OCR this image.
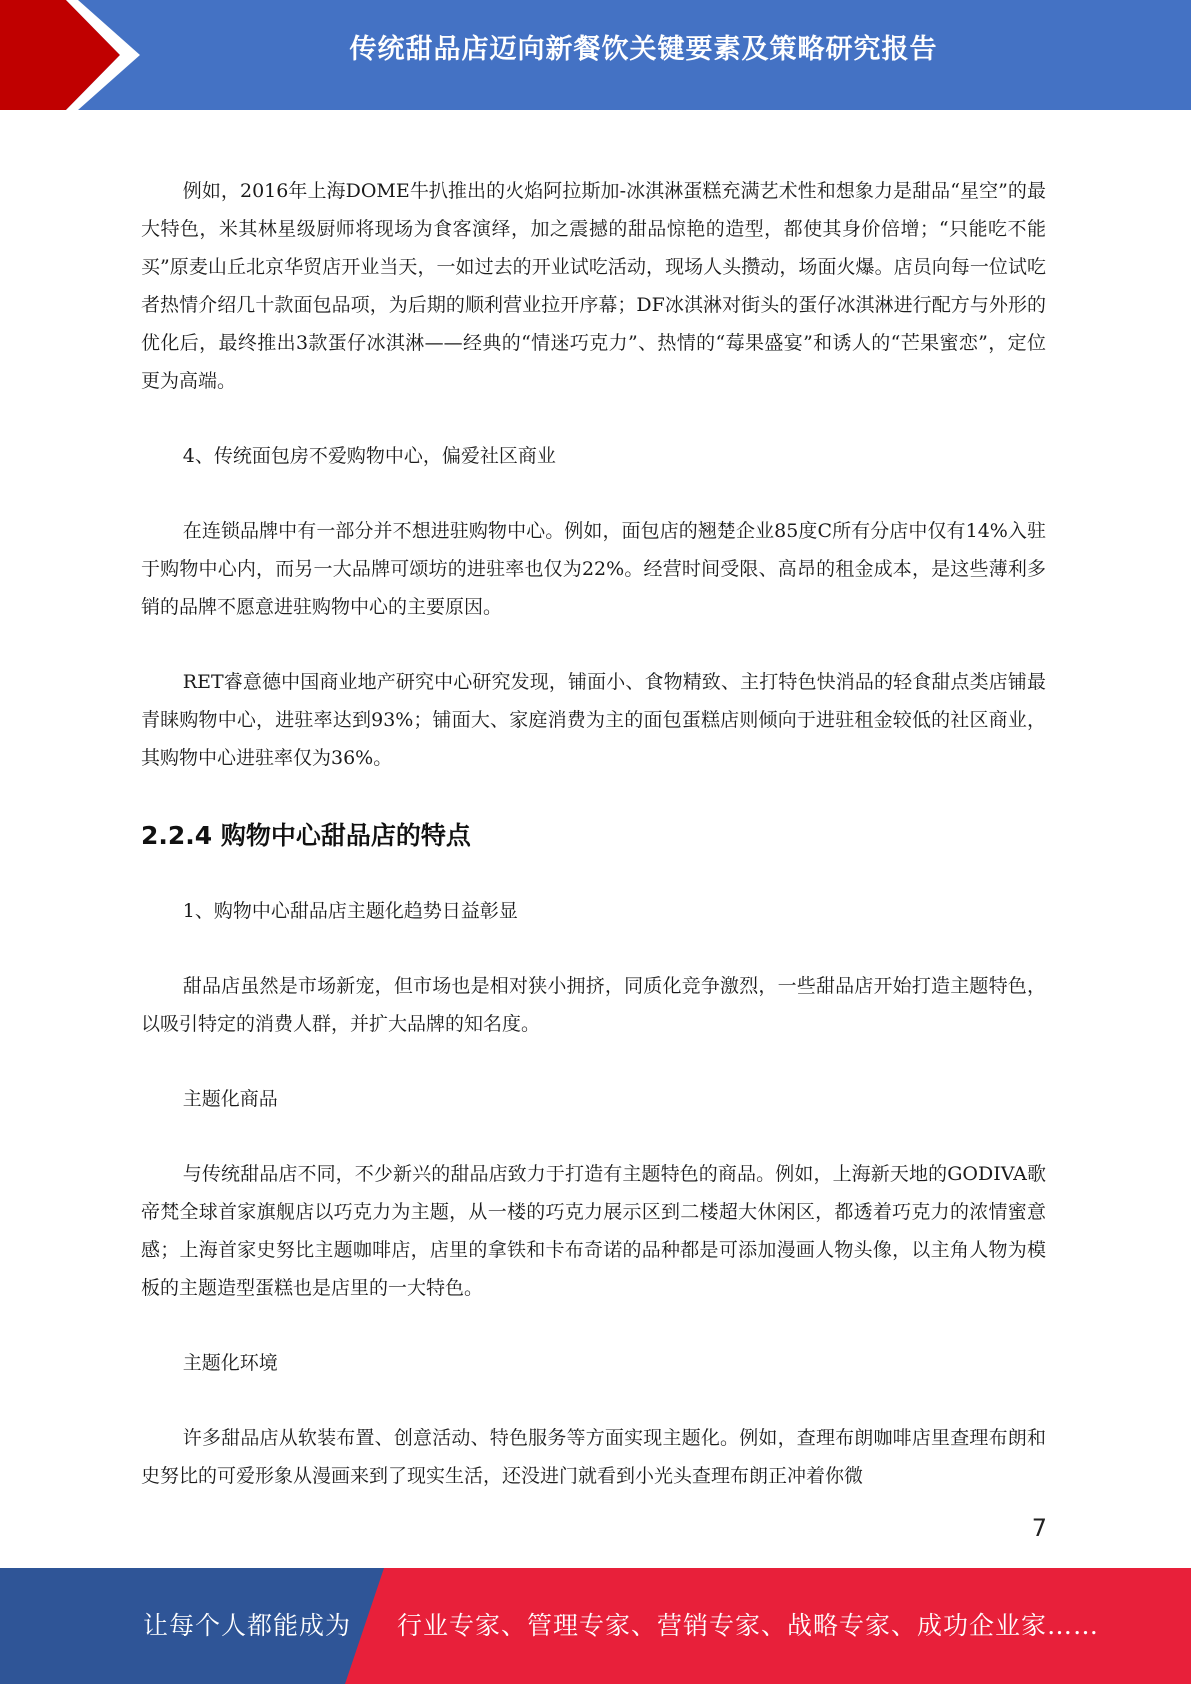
传统甜品店迈向新餐饮关键要素及策略研究报告

例如，2016年上海DOME牛扒推出的火焰阿拉斯加-冰淇淋蛋糕充满艺术性和想象力是甜品“星空”的最大特色，米其林星级厨师将现场为食客演绎，加之震撼的甜品惊艳的造型，都使其身价倍增；“只能吃不能买”原麦山丘北京华贸店开业当天，一如过去的开业试吃活动，现场人头攒动，场面火爆。店员向每一位试吃者热情介绍几十款面包品项，为后期的顺利营业拉开序幕；DF冰淇淋对街头的蛋仔冰淇淋进行配方与外形的优化后，最终推出3款蛋仔冰淇淋——经典的“情迷巧克力”、热情的“莓果盛宴”和诱人的“芒果蜜恋”，定位更为高端。

4、传统面包房不爱购物中心，偏爱社区商业

在连锁品牌中有一部分并不想进驻购物中心。例如，面包店的翘楚企业85度C所有分店中仅有14%入驻于购物中心内，而另一大品牌可颂坊的进驻率也仅为22%。经营时间受限、高昂的租金成本，是这些薄利多销的品牌不愿意进驻购物中心的主要原因。

RET睿意德中国商业地产研究中心研究发现，铺面小、食物精致、主打特色快消品的轻食甜点类店铺最青睐购物中心，进驻率达到93%；铺面大、家庭消费为主的面包蛋糕店则倾向于进驻租金较低的社区商业，其购物中心进驻率仅为36%。

2.2.4 购物中心甜品店的特点

1、购物中心甜品店主题化趋势日益彰显

甜品店虽然是市场新宠，但市场也是相对狭小拥挤，同质化竞争激烈，一些甜品店开始打造主题特色，以吸引特定的消费人群，并扩大品牌的知名度。

主题化商品

与传统甜品店不同，不少新兴的甜品店致力于打造有主题特色的商品。例如，上海新天地的GODIVA歌帝梵全球首家旗舰店以巧克力为主题，从一楼的巧克力展示区到二楼超大休闲区，都透着巧克力的浓情蜜意感；上海首家史努比主题咖啡店，店里的拿铁和卡布奇诺的品种都是可添加漫画人物头像，以主角人物为模板的主题造型蛋糕也是店里的一大特色。

主题化环境

许多甜品店从软装布置、创意活动、特色服务等方面实现主题化。例如，查理布朗咖啡店里查理布朗和史努比的可爱形象从漫画来到了现实生活，还没进门就看到小光头查理布朗正冲着你微

7
让每个人都能成为 行业专家、管理专家、营销专家、战略专家、成功企业家……
